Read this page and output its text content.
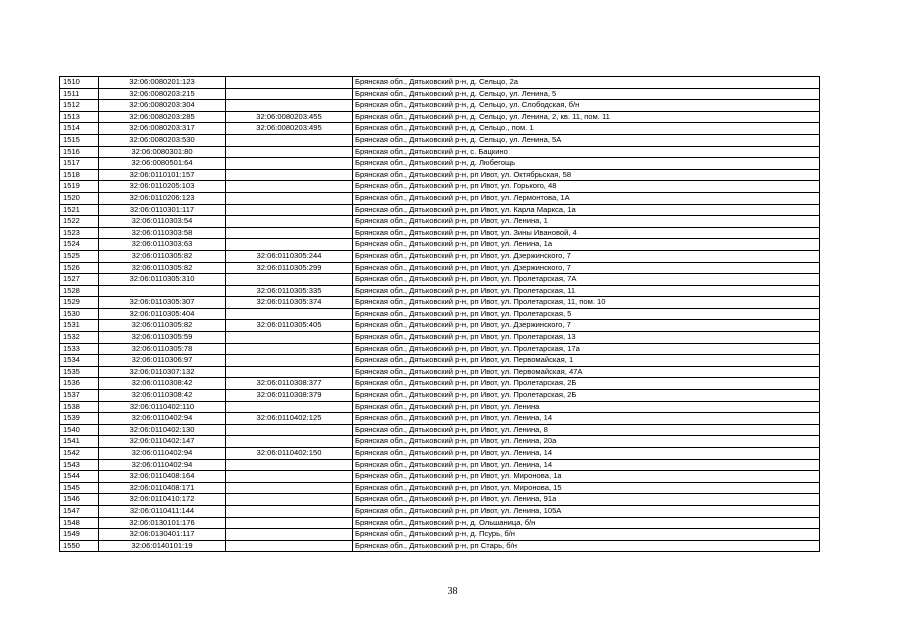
1510	32:06:0080201:123		Брянская обл., Дятьковский р-н, д. Сельцо, 2а
1511	32:06:0080203:215		Брянская обл., Дятьковский р-н, д. Сельцо, ул. Ленина, 5
1512	32:06:0080203:304		Брянская обл., Дятьковский р-н, д. Сельцо, ул. Слободская, б/н
1513	32:06:0080203:285	32:06:0080203:455	Брянская обл., Дятьковский р-н, д. Сельцо, ул. Ленина, 2, кв. 11, пом. 11
1514	32:06:0080203:317	32:06:0080203:495	Брянская обл., Дятьковский р-н, д. Сельцо., пом. 1
1515	32:06:0080203:530		Брянская обл., Дятьковский р-н, д. Сельцо, ул. Ленина, 5А
1516	32:06:0080301:80		Брянская обл., Дятьковский р-н, с. Бацкино
1517	32:06:0080501:64		Брянская обл., Дятьковский р-н, д. Любегощь
1518	32:06:0110101:157		Брянская обл., Дятьковский р-н, рп Ивот, ул. Октябрьская, 58
1519	32:06:0110205:103		Брянская обл., Дятьковский р-н, рп Ивот, ул. Горького, 48
1520	32:06:0110206:123		Брянская обл., Дятьковский р-н, рп Ивот, ул. Лермонтова, 1А
1521	32:06:0110301:117		Брянская обл., Дятьковский р-н, рп Ивот, ул. Карла Маркса, 1а
1522	32:06:0110303:54		Брянская обл., Дятьковский р-н, рп Ивот, ул. Ленина, 1
1523	32:06:0110303:58		Брянская обл., Дятьковский р-н, рп Ивот, ул. Зины Ивановой, 4
1524	32:06:0110303:63		Брянская обл., Дятьковский р-н, рп Ивот, ул. Ленина, 1а
1525	32:06:0110305:82	32:06:0110305:244	Брянская обл., Дятьковский р-н, рп Ивот, ул. Дзержинского, 7
1526	32:06:0110305:82	32:06:0110305:299	Брянская обл., Дятьковский р-н, рп Ивот, ул. Дзержинского, 7
1527	32:06:0110305:310		Брянская обл., Дятьковский р-н, рп Ивот, ул. Пролетарская, 7А
1528		32:06:0110305:335	Брянская обл., Дятьковский р-н, рп Ивот, ул. Пролетарская, 11
1529	32:06:0110305:307	32:06:0110305:374	Брянская обл., Дятьковский р-н, рп Ивот, ул. Пролетарская, 11, пом. 10
1530	32:06:0110305:404		Брянская обл., Дятьковский р-н, рп Ивот, ул. Пролетарская, 5
1531	32:06:0110305:82	32:06:0110305:405	Брянская обл., Дятьковский р-н, рп Ивот, ул. Дзержинского, 7
1532	32:06:0110305:59		Брянская обл., Дятьковский р-н, рп Ивот, ул. Пролетарская, 13
1533	32:06:0110305:78		Брянская обл., Дятьковский р-н, рп Ивот, ул. Пролетарская, 17а
1534	32:06:0110306:97		Брянская обл., Дятьковский р-н, рп Ивот, ул. Первомайская, 1
1535	32:06:0110307:132		Брянская обл., Дятьковский р-н, рп Ивот, ул. Первомайская, 47А
1536	32:06:0110308:42	32:06:0110308:377	Брянская обл., Дятьковский р-н, рп Ивот, ул. Пролетарская, 2Б
1537	32:06:0110308:42	32:06:0110308:379	Брянская обл., Дятьковский р-н, рп Ивот, ул. Пролетарская, 2Б
1538	32:06:0110402:110		Брянская обл., Дятьковский р-н, рп Ивот, ул. Ленина
1539	32:06:0110402:94	32:06:0110402:125	Брянская обл., Дятьковский р-н, рп Ивот, ул. Ленина, 14
1540	32:06:0110402:130		Брянская обл., Дятьковский р-н, рп Ивот, ул. Ленина, 8
1541	32:06:0110402:147		Брянская обл., Дятьковский р-н, рп Ивот, ул. Ленина, 20а
1542	32:06:0110402:94	32:06:0110402:150	Брянская обл., Дятьковский р-н, рп Ивот, ул. Ленина, 14
1543	32:06:0110402:94		Брянская обл., Дятьковский р-н, рп Ивот, ул. Ленина, 14
1544	32:06:0110408:164		Брянская обл., Дятьковский р-н, рп Ивот, ул. Миронова, 1а
1545	32:06:0110408:171		Брянская обл., Дятьковский р-н, рп Ивот, ул. Миронова, 15
1546	32:06:0110410:172		Брянская обл., Дятьковский р-н, рп Ивот, ул. Ленина, 91а
1547	32:06:0110411:144		Брянская обл., Дятьковский р-н, рп Ивот, ул. Ленина, 105А
1548	32:06:0130101:176		Брянская обл., Дятьковский р-н, д. Ольшаница, б/н
1549	32:06:0130401:117		Брянская обл., Дятьковский р-н, д. Псурь, б/н
1550	32:06:0140101:19		Брянская обл., Дятьковский р-н, рп Старь, б/н
38
